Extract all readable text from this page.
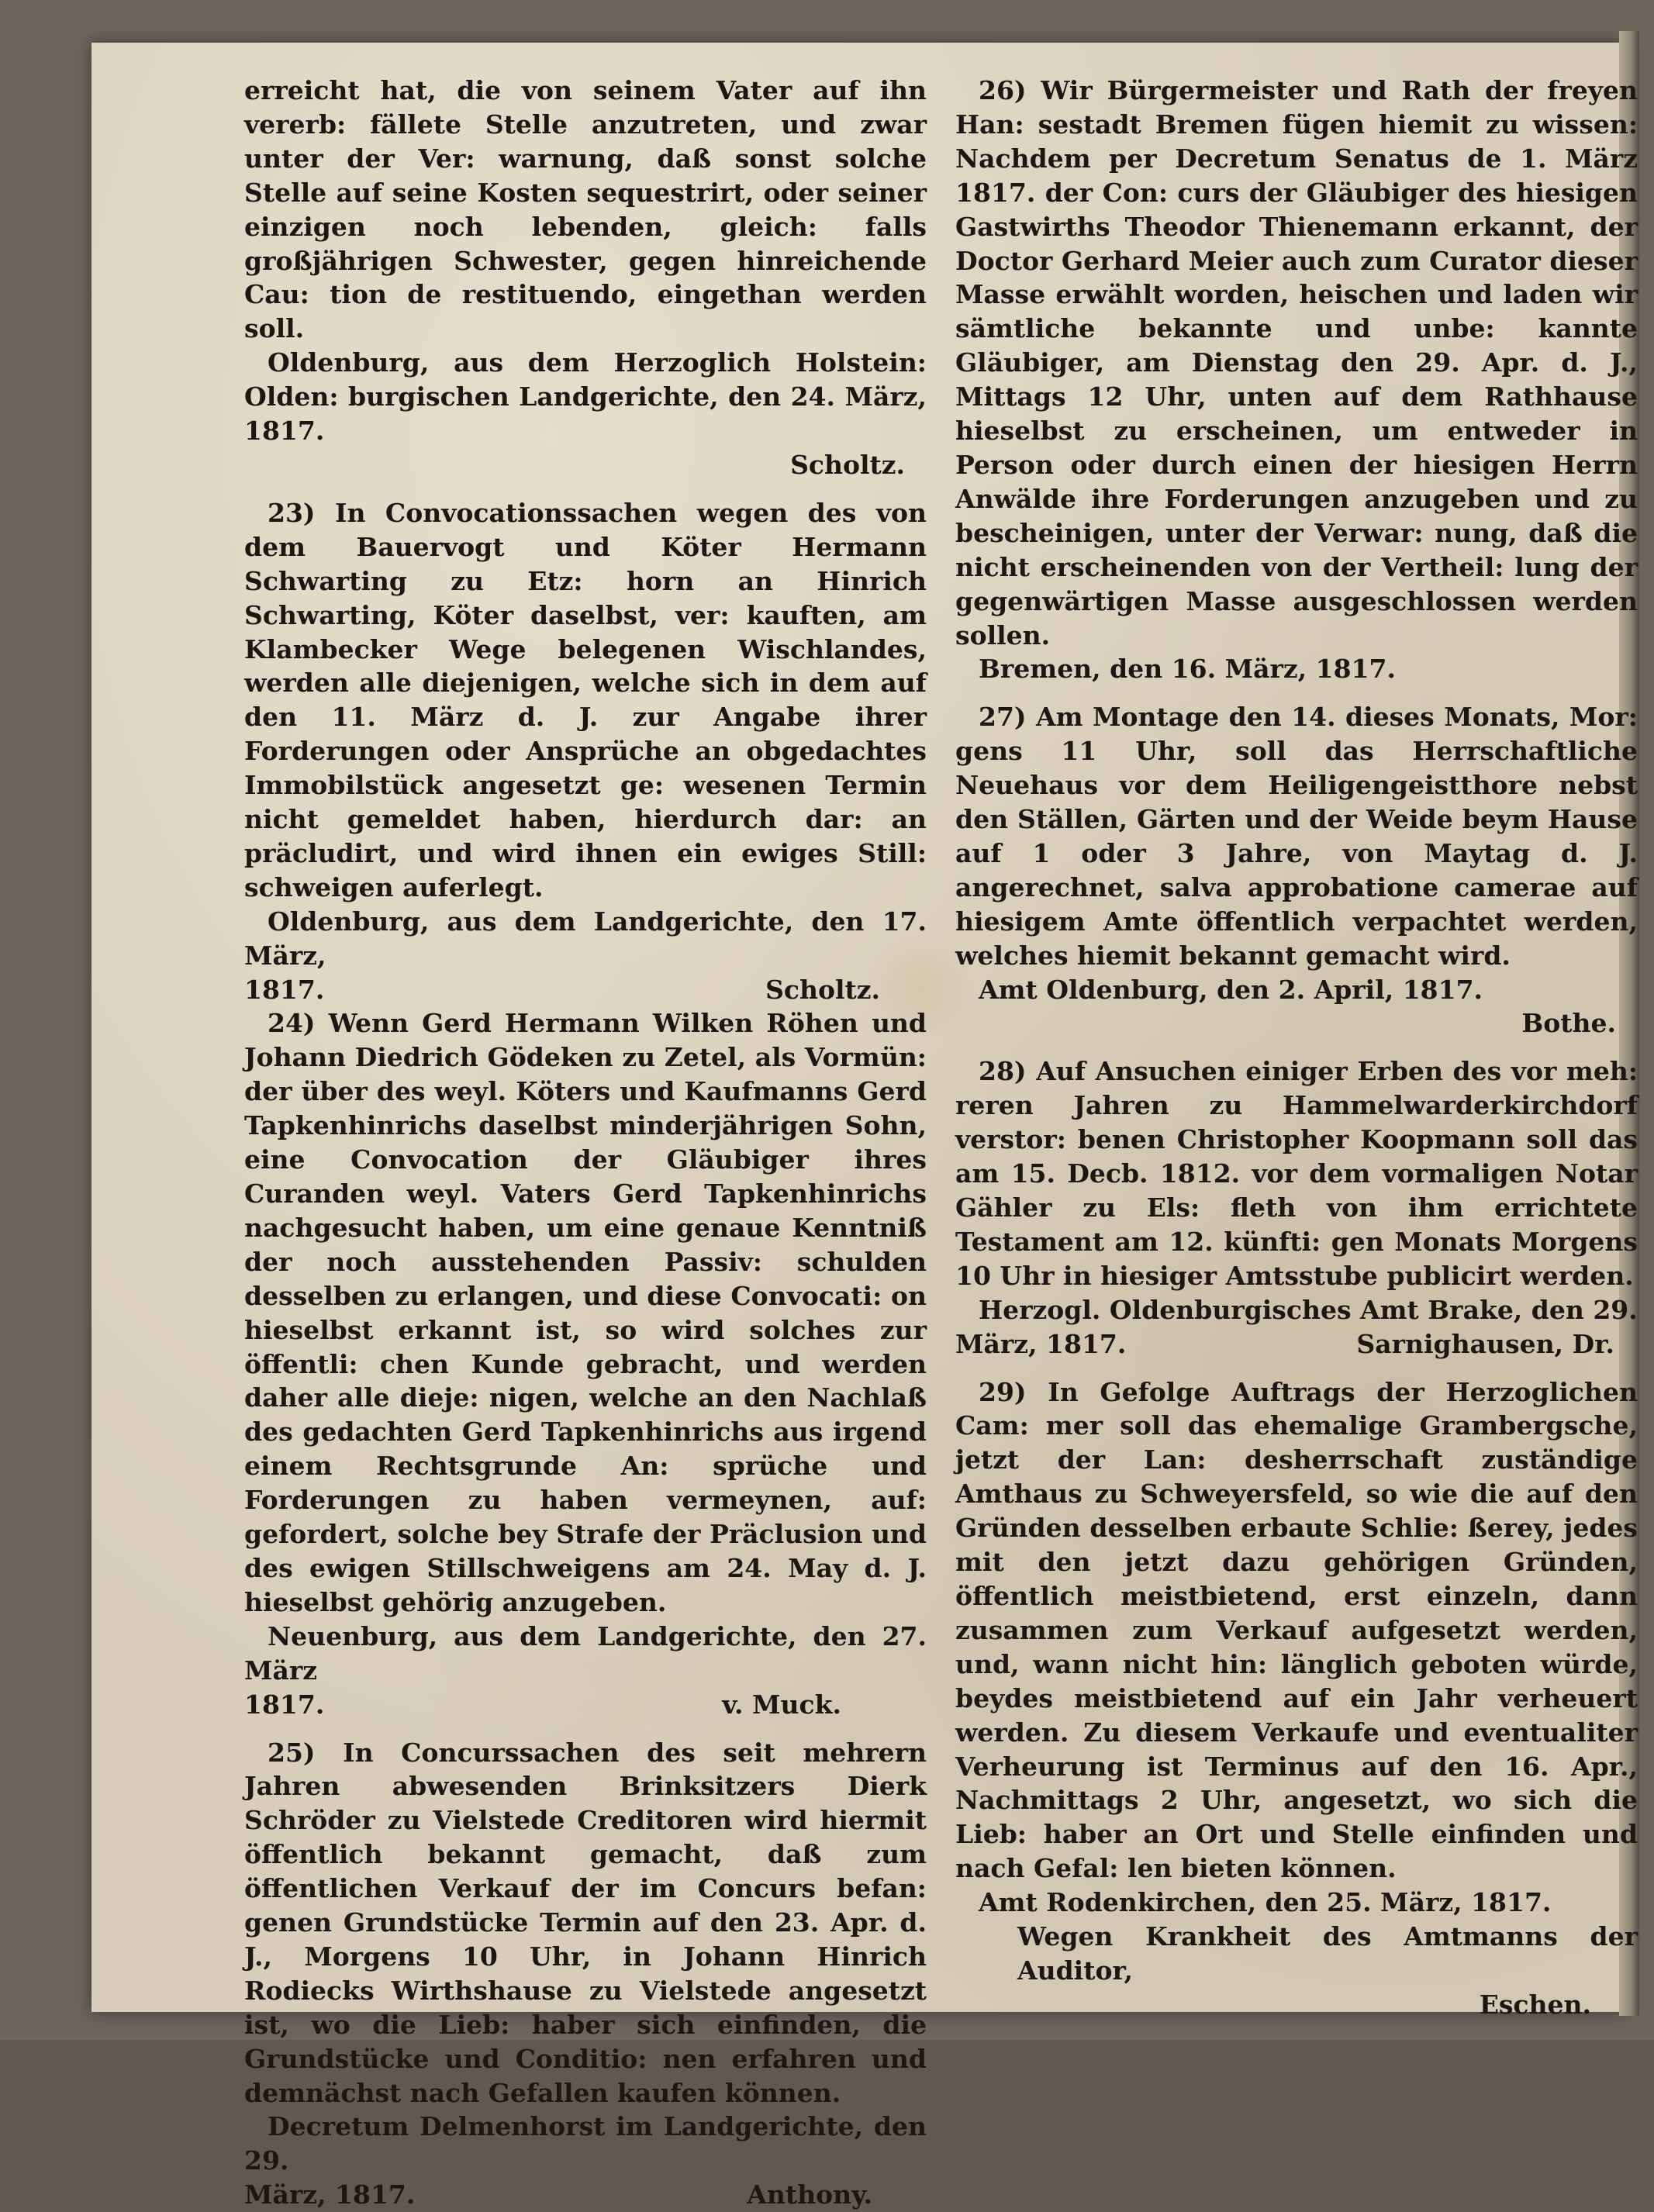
erreicht hat, die von seinem Vater auf ihn vererb: fällete Stelle anzutreten, und zwar unter der Ver: warnung, daß sonst solche Stelle auf seine Kosten sequestrirt, oder seiner einzigen noch lebenden, gleich: falls großjährigen Schwester, gegen hinreichende Cau: tion de restituendo, eingethan werden soll.

Oldenburg, aus dem Herzoglich Holstein: Olden: burgischen Landgerichte, den 24. März, 1817.

Scholtz.

23) In Convocationssachen wegen des von dem Bauervogt und Köter Hermann Schwarting zu Etz: horn an Hinrich Schwarting, Köter daselbst, ver: kauften, am Klambecker Wege belegenen Wischlandes, werden alle diejenigen, welche sich in dem auf den 11. März d. J. zur Angabe ihrer Forderungen oder Ansprüche an obgedachtes Immobilstück angesetzt ge: wesenen Termin nicht gemeldet haben, hierdurch dar: an präcludirt, und wird ihnen ein ewiges Still: schweigen auferlegt.

Oldenburg, aus dem Landgerichte, den 17. März,

1817.	Scholtz.

24) Wenn Gerd Hermann Wilken Röhen und Johann Diedrich Gödeken zu Zetel, als Vormün: der über des weyl. Köters und Kaufmanns Gerd Tapkenhinrichs daselbst minderjährigen Sohn, eine Convocation der Gläubiger ihres Curanden weyl. Vaters Gerd Tapkenhinrichs nachgesucht haben, um eine genaue Kenntniß der noch ausstehenden Passiv: schulden desselben zu erlangen, und diese Convocati: on hieselbst erkannt ist, so wird solches zur öffentli: chen Kunde gebracht, und werden daher alle dieje: nigen, welche an den Nachlaß des gedachten Gerd Tapkenhinrichs aus irgend einem Rechtsgrunde An: sprüche und Forderungen zu haben vermeynen, auf: gefordert, solche bey Strafe der Präclusion und des ewigen Stillschweigens am 24. May d. J. hieselbst gehörig anzugeben.

Neuenburg, aus dem Landgerichte, den 27. März

1817.	v. Muck.

25) In Concurssachen des seit mehrern Jahren abwesenden Brinksitzers Dierk Schröder zu Vielstede Creditoren wird hiermit öffentlich bekannt gemacht, daß zum öffentlichen Verkauf der im Concurs befan: genen Grundstücke Termin auf den 23. Apr. d. J., Morgens 10 Uhr, in Johann Hinrich Rodiecks Wirthshause zu Vielstede angesetzt ist, wo die Lieb: haber sich einfinden, die Grundstücke und Conditio: nen erfahren und demnächst nach Gefallen kaufen können.

Decretum Delmenhorst im Landgerichte, den 29.

März, 1817.	Anthony.

26) Wir Bürgermeister und Rath der freyen Han: sestadt Bremen fügen hiemit zu wissen: Nachdem per Decretum Senatus de 1. März 1817. der Con: curs der Gläubiger des hiesigen Gastwirths Theodor Thienemann erkannt, der Doctor Gerhard Meier auch zum Curator dieser Masse erwählt worden, heischen und laden wir sämtliche bekannte und unbe: kannte Gläubiger, am Dienstag den 29. Apr. d. J., Mittags 12 Uhr, unten auf dem Rathhause hieselbst zu erscheinen, um entweder in Person oder durch einen der hiesigen Herrn Anwälde ihre Forderungen anzugeben und zu bescheinigen, unter der Verwar: nung, daß die nicht erscheinenden von der Vertheil: lung der gegenwärtigen Masse ausgeschlossen werden sollen.

Bremen, den 16. März, 1817.

27) Am Montage den 14. dieses Monats, Mor: gens 11 Uhr, soll das Herrschaftliche Neuehaus vor dem Heiligengeistthore nebst den Ställen, Gärten und der Weide beym Hause auf 1 oder 3 Jahre, von Maytag d. J. angerechnet, salva approbatione camerae auf hiesigem Amte öffentlich verpachtet werden, welches hiemit bekannt gemacht wird.

Amt Oldenburg, den 2. April, 1817.

Bothe.

28) Auf Ansuchen einiger Erben des vor meh: reren Jahren zu Hammelwarderkirchdorf verstor: benen Christopher Koopmann soll das am 15. Decb. 1812. vor dem vormaligen Notar Gähler zu Els: fleth von ihm errichtete Testament am 12. künfti: gen Monats Morgens 10 Uhr in hiesiger Amtsstube publicirt werden.

Herzogl. Oldenburgisches Amt Brake, den 29.

März, 1817.	Sarnighausen, Dr.

29) In Gefolge Auftrags der Herzoglichen Cam: mer soll das ehemalige Grambergsche, jetzt der Lan: desherrschaft zuständige Amthaus zu Schweyersfeld, so wie die auf den Gründen desselben erbaute Schlie: ßerey, jedes mit den jetzt dazu gehörigen Gründen, öffentlich meistbietend, erst einzeln, dann zusammen zum Verkauf aufgesetzt werden, und, wann nicht hin: länglich geboten würde, beydes meistbietend auf ein Jahr verheuert werden. Zu diesem Verkaufe und eventualiter Verheurung ist Terminus auf den 16. Apr., Nachmittags 2 Uhr, angesetzt, wo sich die Lieb: haber an Ort und Stelle einfinden und nach Gefal: len bieten können.

Amt Rodenkirchen, den 25. März, 1817.

Wegen Krankheit des Amtmanns der Auditor,

Eschen.
